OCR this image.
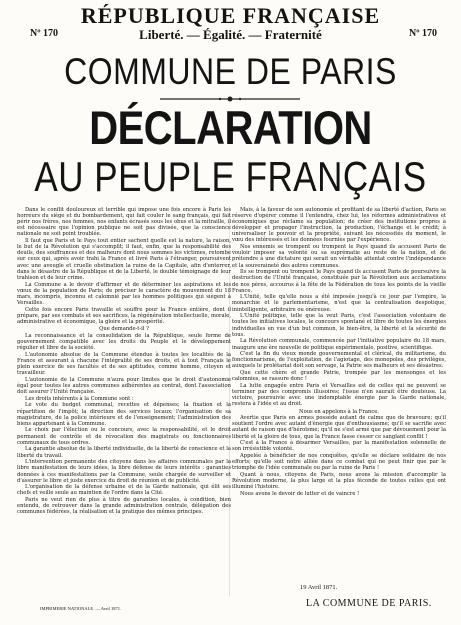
Nº 170	Nº 170
RÉPUBLIQUE FRANÇAISE
Liberté. — Égalité. — Fraternité
COMMUNE DE PARIS
DÉCLARATION
AU PEUPLE FRANÇAIS

Dans le conflit douloureux et terrible qui impose une fois encore à Paris les horreurs du siège et du bombardement, qui fait couler le sang français, qui fait périr nos frères, nos femmes, nos enfants écrasés sous les obus et la mitraille, il est nécessaire que l'opinion publique ne soit pas divisée, que la conscience nationale ne soit point troublée.

Il faut que Paris et le Pays tout entier sachent quelle est la nature, la raison, le but de la Révolution qui s'accomplit; il faut, enfin, que la responsabilité des deuils, des souffrances et des malheurs dont nous sommes les victimes, retombe sur ceux qui, après avoir trahi la France et livré Paris à l'étranger, poursuivent avec une aveugle et cruelle obstination la ruine de la Capitale, afin d'enterrer, dans le désastre de la République et de la Liberté, le double témoignage de leur trahison et de leur crime.

La Commune a le devoir d'affirmer et de déterminer les aspirations et les vœux de la population de Paris; de préciser le caractère du mouvement du 18 mars, incompris, inconnu et calomnié par les hommes politiques qui siègent à Versailles.

Cette fois encore Paris travaille et souffre pour la France entière, dont il prépare, par ses combats et ses sacrifices, la régénération intellectuelle, morale, administrative et économique, la gloire et la prospérité.

Que demande-t-il ?

La reconnaissance et la consolidation de la République, seule forme de gouvernement compatible avec les droits du Peuple et le développement régulier et libre de la société.

L'autonomie absolue de la Commune étendue à toutes les localités de la France et assurant à chacune l'intégralité de ses droits, et à tout Français le plein exercice de ses facultés et de ses aptitudes, comme homme, citoyen et travailleur.

L'autonomie de la Commune n'aura pour limites que le droit d'autonomie égal pour toutes les autres communes adhérentes au contrat, dont l'association doit assurer l'Unité française.

Les droits inhérents à la Commune sont :

Le vote du budget communal, recettes et dépenses; la fixation et la répartition de l'impôt; la direction des services locaux; l'organisation de sa magistrature, de la police intérieure et de l'enseignement; l'administration des biens appartenant à la Commune.

Le choix par l'élection ou le concours, avec la responsabilité, et le droit permanent de contrôle et de révocation des magistrats ou fonctionnaires communaux de tous ordres.

La garantie absolue de la liberté individuelle, de la liberté de conscience et la liberté du travail.

L'intervention permanente des citoyens dans les affaires communales par la libre manifestation de leurs idées, la libre défense de leurs intérêts : garanties données à ces manifestations par la Commune, seule chargée de surveiller et d'assurer le libre et juste exercice du droit de réunion et de publicité.

L'organisation de la défense urbaine et de la Garde nationale, qui élit ses chefs et veille seule au maintien de l'ordre dans la Cité.

Paris ne veut rien de plus à titre de garanties locales, à condition, bien entendu, de retrouver dans la grande administration centrale, délégation des communes fédérées, la réalisation et la pratique des mêmes principes.

Mais, à la faveur de son autonomie et profitant de sa liberté d'action, Paris se réserve d'opérer comme il l'entendra, chez lui, les réformes administratives et économiques que réclame sa population; de créer des institutions propres à développer et propager l'instruction, la production, l'échange et le crédit; à universaliser le pouvoir et la propriété, suivant les nécessités du moment, le vœu des intéressés et les données fournies par l'expérience.

Nos ennemis se trompent ou trompent le Pays quand ils accusent Paris de vouloir imposer sa volonté ou sa suprématie au reste de la nation, et de prétendre à une dictature qui serait un véritable attentat contre l'indépendance et la souveraineté des autres communes.

Ils se trompent ou trompent le Pays quand ils accusent Paris de poursuivre la destruction de l'Unité française, constituée par la Révolution aux acclamations de nos pères, accourus à la fête de la Fédération de tous les points de la vieille France.

L'Unité, telle qu'elle nous a été imposée jusqu'à ce jour par l'empire, la monarchie et le parlementarisme, n'est que la centralisation despotique, inintelligente, arbitraire ou onéreuse.

L'Unité politique, telle que la veut Paris, c'est l'association volontaire de toutes les initiatives locales, le concours spontané et libre de toutes les énergies individuelles en vue d'un but commun, le bien-être, la liberté et la sécurité de tous.

La Révolution communale, commencée par l'initiative populaire du 18 mars, inaugure une ère nouvelle de politique expérimentale, positive, scientifique.

C'est la fin du vieux monde gouvernemental et clérical, du militarisme, du fonctionnarisme, de l'exploitation, de l'agiotage, des monopoles, des privilèges, auxquels le prolétariat doit son servage, la Patrie ses malheurs et ses désastres.

Que cette chère et grande Patrie, trompée par les mensonges et les calomnies, se rassure donc !

La lutte engagée entre Paris et Versailles est de celles qui ne peuvent se terminer par des compromis illusoires; l'issue n'en saurait être douteuse. La victoire, poursuivie avec une indomptable énergie par la Garde nationale, restera à l'idée et au droit.

Nous en appelons à la France.

Avertie que Paris en armes possède autant de calme que de bravoure; qu'il soutient l'ordre avec autant d'énergie que d'enthousiasme; qu'il se sacrifie avec autant de raison que d'héroïsme; qu'il ne s'est armé que par dévouement pour la liberté et la gloire de tous, que la France fasse cesser ce sanglant conflit !

C'est à la France à désarmer Versailles, par la manifestation solennelle de son irrésistible volonté.

Appelée à bénéficier de nos conquêtes, qu'elle se déclare solidaire de nos efforts; qu'elle soit notre alliée dans ce combat qui ne peut finir que par le triomphe de l'idée communale ou par la ruine de Paris !

Quant à nous, citoyens de Paris, nous avons la mission d'accomplir la Révolution moderne, la plus large et la plus féconde de toutes celles qui ont illuminé l'histoire.

Nous avons le devoir de lutter et de vaincre !

IMPRIMERIE NATIONALE. — Avril 1871.
19 Avril 1871.
LA COMMUNE DE PARIS.
